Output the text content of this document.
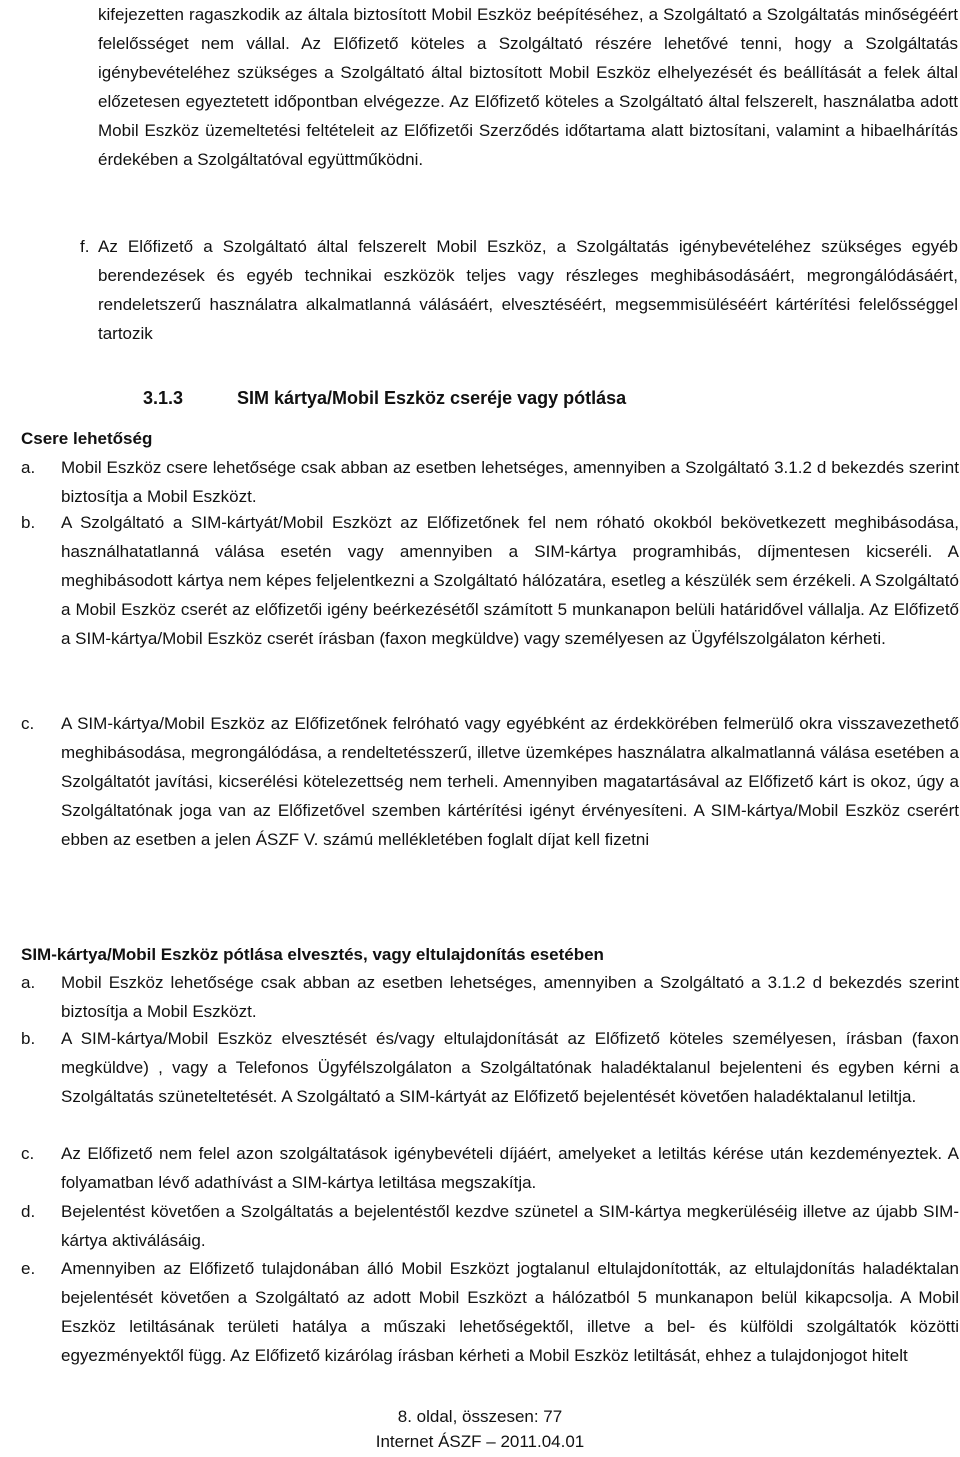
kifejezetten ragaszkodik az általa biztosított Mobil Eszköz beépítéséhez, a Szolgáltató a Szolgáltatás minőségéért felelősséget nem vállal. Az Előfizető köteles a Szolgáltató részére lehetővé tenni, hogy a Szolgáltatás igénybevételéhez szükséges a Szolgáltató által biztosított Mobil Eszköz elhelyezését és beállítását a felek által előzetesen egyeztetett időpontban elvégezze. Az Előfizető köteles a Szolgáltató által felszerelt, használatba adott Mobil Eszköz üzemeltetési feltételeit az Előfizetői Szerződés időtartama alatt biztosítani, valamint a hibaelhárítás érdekében a Szolgáltatóval együttműködni.
f. Az Előfizető a Szolgáltató által felszerelt Mobil Eszköz, a Szolgáltatás igénybevételéhez szükséges egyéb berendezések és egyéb technikai eszközök teljes vagy részleges meghibásodásáért, megrongálódásáért, rendeletszerű használatra alkalmatlanná válásáért, elvesztéséért, megsemmisüléséért kártérítési felelősséggel tartozik
3.1.3	SIM kártya/Mobil Eszköz cseréje vagy pótlása
Csere lehetőség
a. Mobil Eszköz csere lehetősége csak abban az esetben lehetséges, amennyiben a Szolgáltató 3.1.2 d bekezdés szerint biztosítja a Mobil Eszközt.
b. A Szolgáltató a SIM-kártyát/Mobil Eszközt az Előfizetőnek fel nem róható okokból bekövetkezett meghibásodása, használhatatlanná válása esetén vagy amennyiben a SIM-kártya programhibás, díjmentesen kicseréli. A meghibásodott kártya nem képes feljelentkezni a Szolgáltató hálózatára, esetleg a készülék sem érzékeli. A Szolgáltató a Mobil Eszköz cserét az előfizetői igény beérkezésétől számított 5 munkanapon belüli határidővel vállalja. Az Előfizető a SIM-kártya/Mobil Eszköz cserét írásban (faxon megküldve) vagy személyesen az Ügyfélszolgálaton kérheti.
c. A SIM-kártya/Mobil Eszköz az Előfizetőnek felróható vagy egyébként az érdekkörében felmerülő okra visszavezethető meghibásodása, megrongálódása, a rendeltetésszerű, illetve üzemképes használatra alkalmatlanná válása esetében a Szolgáltatót javítási, kicserélési kötelezettség nem terheli. Amennyiben magatartásával az Előfizető kárt is okoz, úgy a Szolgáltatónak joga van az Előfizetővel szemben kártérítési igényt érvényesíteni. A SIM-kártya/Mobil Eszköz cserért ebben az esetben a jelen ÁSZF V. számú mellékletében foglalt díjat kell fizetni
SIM-kártya/Mobil Eszköz pótlása elvesztés, vagy eltulajdonítás esetében
a. Mobil Eszköz lehetősége csak abban az esetben lehetséges, amennyiben a Szolgáltató a 3.1.2 d bekezdés szerint biztosítja a Mobil Eszközt.
b. A SIM-kártya/Mobil Eszköz elvesztését és/vagy eltulajdonítását az Előfizető köteles személyesen, írásban (faxon megküldve) , vagy a Telefonos Ügyfélszolgálaton a Szolgáltatónak haladéktalanul bejelenteni és egyben kérni a Szolgáltatás szüneteltetését. A Szolgáltató a SIM-kártyát az Előfizető bejelentését követően haladéktalanul letiltja.
c. Az Előfizető nem felel azon szolgáltatások igénybevételi díjáért, amelyeket a letiltás kérése után kezdeményeztek. A folyamatban lévő adathívást a SIM-kártya letiltása megszakítja.
d. Bejelentést követően a Szolgáltatás a bejelentéstől kezdve szünetel a SIM-kártya megkerüléséig illetve az újabb SIM-kártya aktiválásáig.
e. Amennyiben az Előfizető tulajdonában álló Mobil Eszközt jogtalanul eltulajdonították, az eltulajdonítás haladéktalan bejelentését követően a Szolgáltató az adott Mobil Eszközt a hálózatból 5 munkanapon belül kikapcsolja. A Mobil Eszköz letiltásának területi hatálya a műszaki lehetőségektől, illetve a bel- és külföldi szolgáltatók közötti egyezményektől függ. Az Előfizető kizárólag írásban kérheti a Mobil Eszköz letiltását, ehhez a tulajdonjogot hitelt
8. oldal, összesen: 77
Internet ÁSZF – 2011.04.01
